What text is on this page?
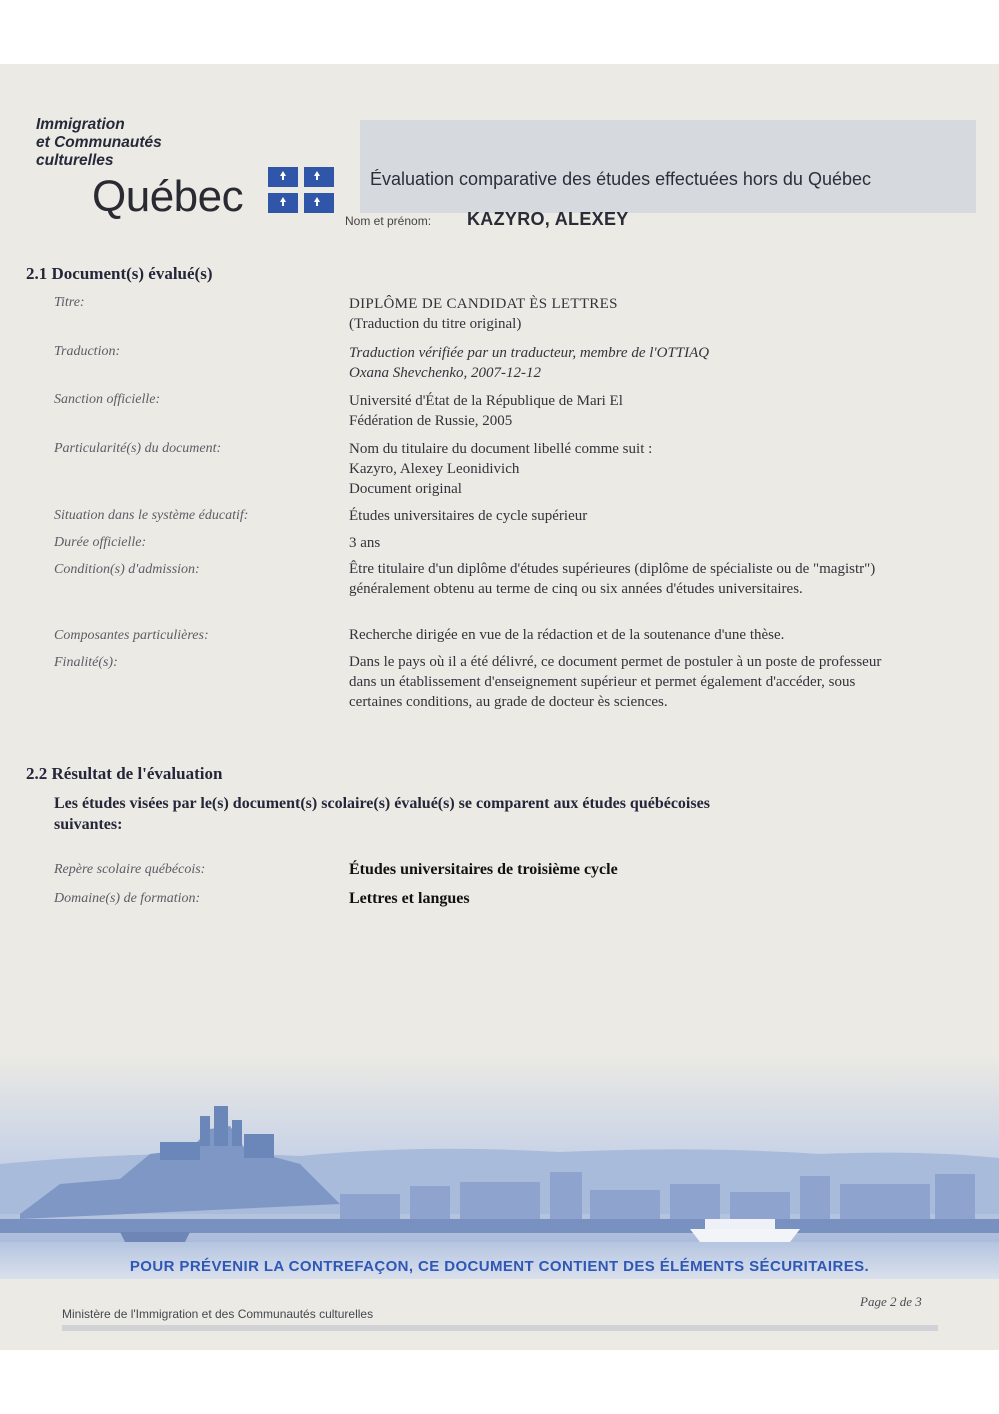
Immigration
et Communautés
culturelles
Québec	Évaluation comparative des études effectuées hors du Québec
Nom et prénom: KAZYRO, ALEXEY
2.1 Document(s) évalué(s)
Titre:	DIPLÔME DE CANDIDAT ÈS LETTRES
(Traduction du titre original)
Traduction:	Traduction vérifiée par un traducteur, membre de l'OTTIAQ
Oxana Shevchenko, 2007-12-12
Sanction officielle:	Université d'État de la République de Mari El
Fédération de Russie, 2005
Particularité(s) du document:	Nom du titulaire du document libellé comme suit :
Kazyro, Alexey Leonidivich
Document original
Situation dans le système éducatif:	Études universitaires de cycle supérieur
Durée officielle:	3 ans
Condition(s) d'admission:	Être titulaire d'un diplôme d'études supérieures (diplôme de spécialiste ou de "magistr") généralement obtenu au terme de cinq ou six années d'études universitaires.
Composantes particulières:	Recherche dirigée en vue de la rédaction et de la soutenance d'une thèse.
Finalité(s):	Dans le pays où il a été délivré, ce document permet de postuler à un poste de professeur dans un établissement d'enseignement supérieur et permet également d'accéder, sous certaines conditions, au grade de docteur ès sciences.
2.2 Résultat de l'évaluation
Les études visées par le(s) document(s) scolaire(s) évalué(s) se comparent aux études québécoises suivantes:
Repère scolaire québécois:	Études universitaires de troisième cycle
Domaine(s) de formation:	Lettres et langues
POUR PRÉVENIR LA CONTREFAÇON, CE DOCUMENT CONTIENT DES ÉLÉMENTS SÉCURITAIRES.
Page 2 de 3
Ministère de l'Immigration et des Communautés culturelles
